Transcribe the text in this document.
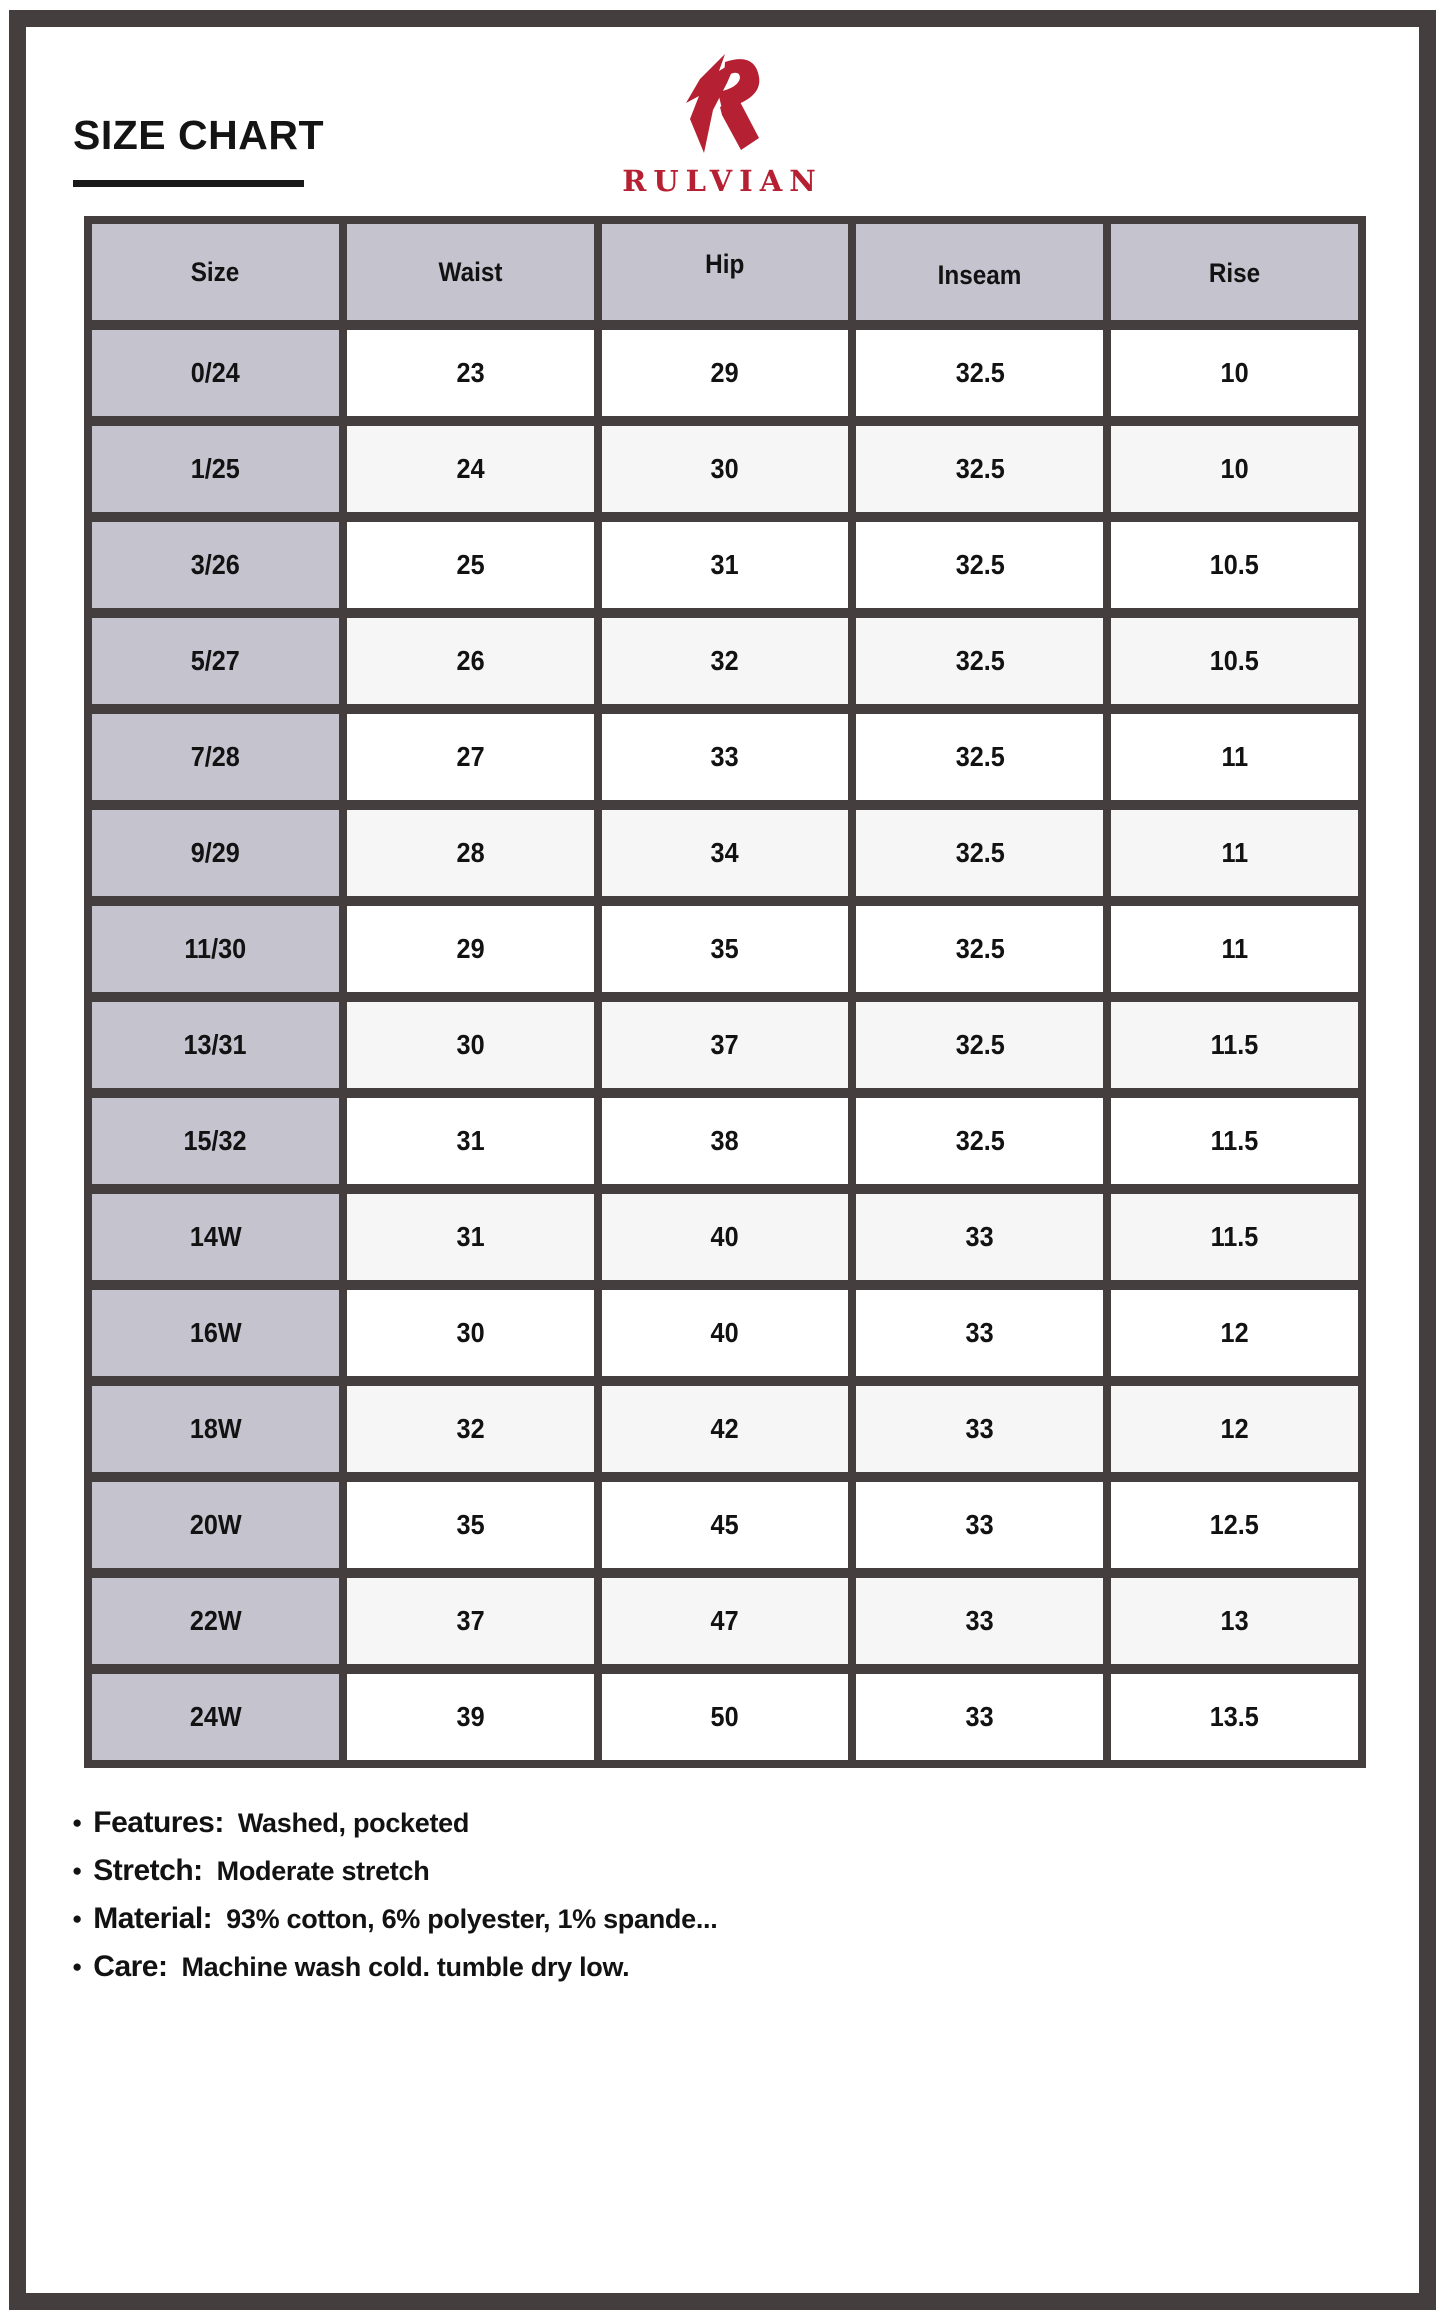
SIZE CHART
RULVIAN
Size	Waist	Hip	Inseam	Rise
0/24	23	29	32.5	10
1/25	24	30	32.5	10
3/26	25	31	32.5	10.5
5/27	26	32	32.5	10.5
7/28	27	33	32.5	11
9/29	28	34	32.5	11
11/30	29	35	32.5	11
13/31	30	37	32.5	11.5
15/32	31	38	32.5	11.5
14W	31	40	33	11.5
16W	30	40	33	12
18W	32	42	33	12
20W	35	45	33	12.5
22W	37	47	33	13
24W	39	50	33	13.5
● Features: Washed, pocketed
● Stretch: Moderate stretch
● Material: 93% cotton, 6% polyester, 1% spande...
● Care: Machine wash cold. tumble dry low.
